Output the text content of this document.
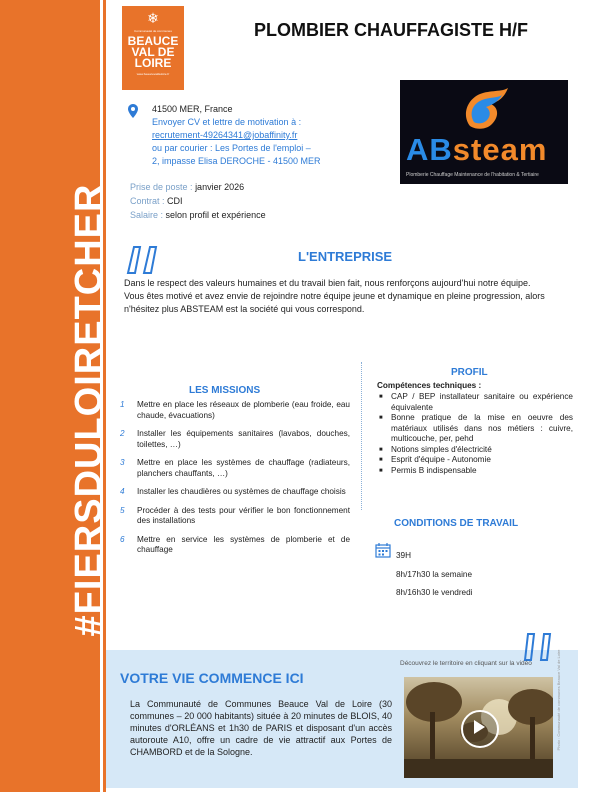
#FIERSDULOIRETCHER
❄
Communauté de communes
BEAUCE
VAL DE
LOIRE
www.beaucevaldeloire.fr
PLOMBIER CHAUFFAGISTE H/F
41500 MER, France
Envoyer CV et lettre de motivation à :
recrutement-49264341@jobaffinity.fr
ou par courier : Les Portes de l'emploi –
2, impasse Elisa DEROCHE - 41500 MER	ABsteam
Plomberie Chauffage Maintenance de l'habitation & Tertiaire
Prise de poste : janvier 2026
Contrat : CDI
Salaire : selon profil et expérience
L'ENTREPRISE
Dans le respect des valeurs humaines et du travail bien fait, nous renforçons aujourd'hui notre équipe.
Vous êtes motivé et avez envie de rejoindre notre équipe jeune et dynamique en pleine progression, alors n'hésitez plus ABSTEAM est la société qui vous correspond.
LES MISSIONS
1 Mettre en place les réseaux de plomberie (eau froide, eau chaude, évacuations)
2 Installer les équipements sanitaires (lavabos, douches, toilettes, …)
3 Mettre en place les systèmes de chauffage (radiateurs, planchers chauffants, …)
4 Installer les chaudières ou systèmes de chauffage choisis
5 Procéder à des tests pour vérifier le bon fonctionnement des installations
6 Mettre en service les systèmes de plomberie et de chauffage
PROFIL
Compétences techniques :
■ CAP / BEP installateur sanitaire ou expérience équivalente
■ Bonne pratique de la mise en oeuvre des matériaux utilisés dans nos métiers : cuivre, multicouche, per, pehd
■ Notions simples d'électricité
■ Esprit d'équipe - Autonomie
■ Permis B indispensable
CONDITIONS DE TRAVAIL
39H
8h/17h30 la semaine
8h/16h30 le vendredi
VOTRE VIE COMMENCE ICI
La Communauté de Communes Beauce Val de Loire (30 communes – 20 000 habitants) située à 20 minutes de BLOIS, 40 minutes d'ORLÉANS et 1h30 de PARIS et disposant d'un accès autoroute A10, offre un cadre de vie attractif aux Portes de CHAMBORD et de la Sologne.
Découvrez le territoire en cliquant sur la vidéo	Photo : Communauté de communes Beauce Val de Loire
